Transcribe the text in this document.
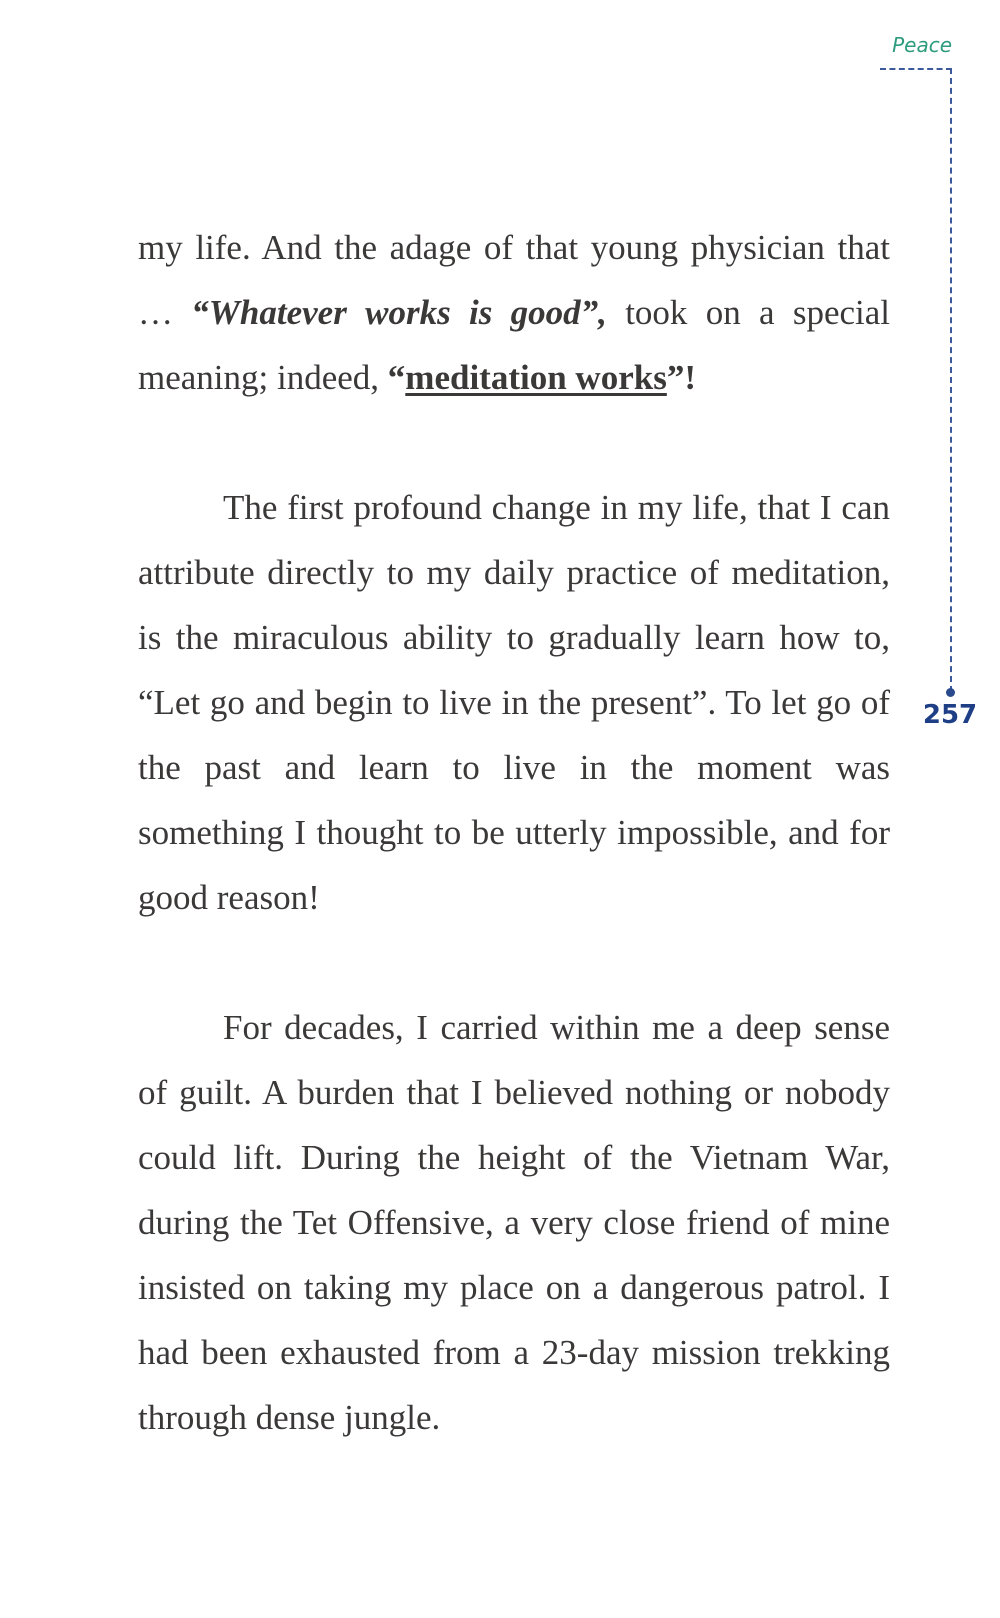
Peace
257

my life. And the adage of that young physician that … “Whatever works is good”, took on a special meaning; indeed, “meditation works”!

The first profound change in my life, that I can attribute directly to my daily practice of meditation, is the miraculous ability to gradually learn how to, “Let go and begin to live in the present”. To let go of the past and learn to live in the moment was something I thought to be utterly impossible, and for good reason!

For decades, I carried within me a deep sense of guilt. A burden that I believed nothing or nobody could lift. During the height of the Vietnam War, during the Tet Offensive, a very close friend of mine insisted on taking my place on a dangerous patrol. I had been exhausted from a 23-day mission trekking through dense jungle.
